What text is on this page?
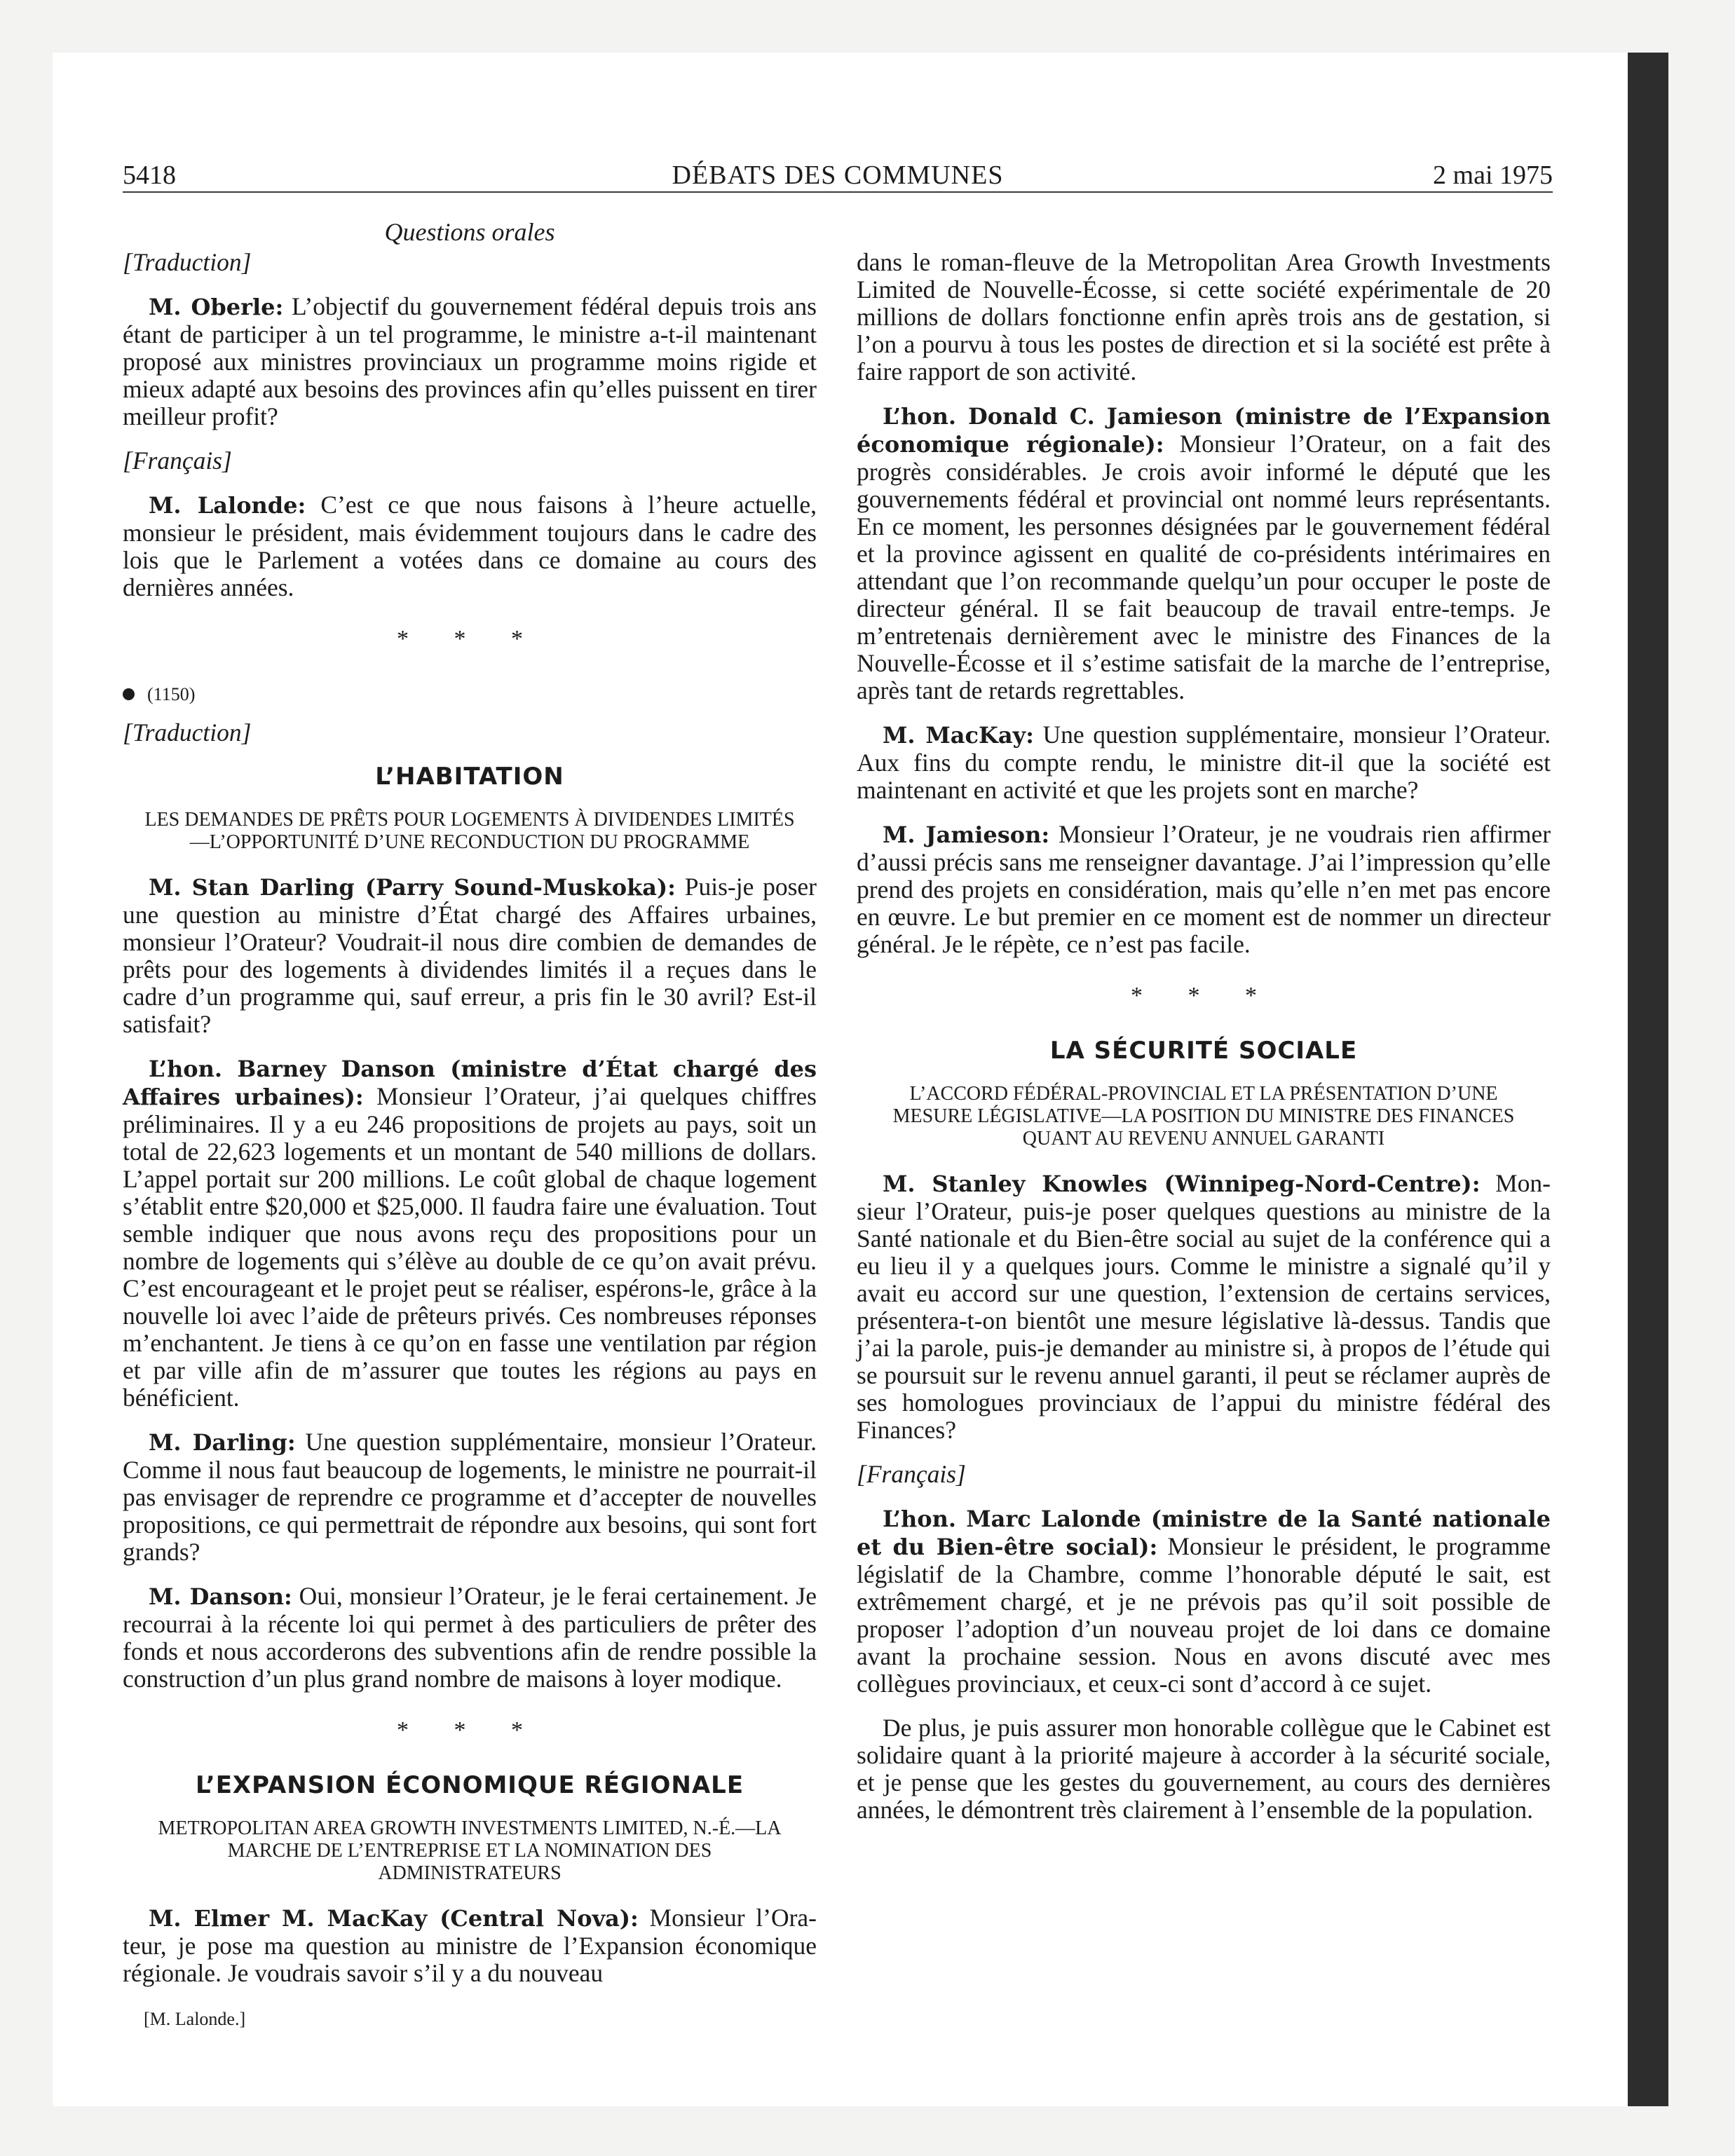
5418	DÉBATS DES COMMUNES	2 mai 1975
Questions orales

[Traduction]

M. Oberle: L’objectif du gouvernement fédéral depuis trois ans étant de participer à un tel programme, le ministre a-t-il maintenant proposé aux ministres provinciaux un programme moins rigide et mieux adapté aux besoins des provinces afin qu’elles puissent en tirer meilleur profit?

[Français]

M. Lalonde: C’est ce que nous faisons à l’heure actuelle, monsieur le président, mais évidemment toujours dans le cadre des lois que le Parlement a votées dans ce domaine au cours des dernières années.

* * *
(1150)

[Traduction]

L’HABITATION
LES DEMANDES DE PRÊTS POUR LOGEMENTS À DIVIDENDES LIMITÉS—L’OPPORTUNITÉ D’UNE RECONDUCTION DU PROGRAMME

M. Stan Darling (Parry Sound-Muskoka): Puis-je poser une question au ministre d’État chargé des Affaires urbaines, monsieur l’Orateur? Voudrait-il nous dire combien de demandes de prêts pour des logements à dividendes limités il a reçues dans le cadre d’un programme qui, sauf erreur, a pris fin le 30 avril? Est-il satisfait?

L’hon. Barney Danson (ministre d’État chargé des Affaires urbaines): Monsieur l’Orateur, j’ai quelques chiffres préliminaires. Il y a eu 246 propositions de projets au pays, soit un total de 22,623 logements et un montant de 540 millions de dollars. L’appel portait sur 200 millions. Le coût global de chaque logement s’établit entre $20,000 et $25,000. Il faudra faire une évaluation. Tout semble indiquer que nous avons reçu des propositions pour un nombre de logements qui s’élève au double de ce qu’on avait prévu. C’est encourageant et le projet peut se réaliser, espérons-le, grâce à la nouvelle loi avec l’aide de prêteurs privés. Ces nombreuses réponses m’enchantent. Je tiens à ce qu’on en fasse une ventilation par région et par ville afin de m’assurer que toutes les régions au pays en bénéficient.

M. Darling: Une question supplémentaire, monsieur l’Orateur. Comme il nous faut beaucoup de logements, le ministre ne pourrait-il pas envisager de reprendre ce programme et d’accepter de nouvelles propositions, ce qui permettrait de répondre aux besoins, qui sont fort grands?

M. Danson: Oui, monsieur l’Orateur, je le ferai certainement. Je recourrai à la récente loi qui permet à des particuliers de prêter des fonds et nous accorderons des subventions afin de rendre possible la construction d’un plus grand nombre de maisons à loyer modique.

* * *
L’EXPANSION ÉCONOMIQUE RÉGIONALE
METROPOLITAN AREA GROWTH INVESTMENTS LIMITED, N.-É.—LA MARCHE DE L’ENTREPRISE ET LA NOMINATION DES ADMINISTRATEURS

M. Elmer M. MacKay (Central Nova): Monsieur l’Orateur, je pose ma question au ministre de l’Expansion économique régionale. Je voudrais savoir s’il y a du nouveau

[M. Lalonde.]

dans le roman-fleuve de la Metropolitan Area Growth Investments Limited de Nouvelle-Écosse, si cette société expérimentale de 20 millions de dollars fonctionne enfin après trois ans de gestation, si l’on a pourvu à tous les postes de direction et si la société est prête à faire rapport de son activité.

L’hon. Donald C. Jamieson (ministre de l’Expansion économique régionale): Monsieur l’Orateur, on a fait des progrès considérables. Je crois avoir informé le député que les gouvernements fédéral et provincial ont nommé leurs représentants. En ce moment, les personnes désignées par le gouvernement fédéral et la province agissent en qualité de co-présidents intérimaires en attendant que l’on recommande quelqu’un pour occuper le poste de directeur général. Il se fait beaucoup de travail entre-temps. Je m’entretenais dernièrement avec le ministre des Finances de la Nouvelle-Écosse et il s’estime satisfait de la marche de l’entreprise, après tant de retards regrettables.

M. MacKay: Une question supplémentaire, monsieur l’Orateur. Aux fins du compte rendu, le ministre dit-il que la société est maintenant en activité et que les projets sont en marche?

M. Jamieson: Monsieur l’Orateur, je ne voudrais rien affirmer d’aussi précis sans me renseigner davantage. J’ai l’impression qu’elle prend des projets en considération, mais qu’elle n’en met pas encore en œuvre. Le but premier en ce moment est de nommer un directeur général. Je le répète, ce n’est pas facile.

* * *
LA SÉCURITÉ SOCIALE
L’ACCORD FÉDÉRAL-PROVINCIAL ET LA PRÉSENTATION D’UNE MESURE LÉGISLATIVE—LA POSITION DU MINISTRE DES FINANCES QUANT AU REVENU ANNUEL GARANTI

M. Stanley Knowles (Winnipeg-Nord-Centre): Monsieur l’Orateur, puis-je poser quelques questions au ministre de la Santé nationale et du Bien-être social au sujet de la conférence qui a eu lieu il y a quelques jours. Comme le ministre a signalé qu’il y avait eu accord sur une question, l’extension de certains services, présentera-t-on bientôt une mesure législative là-dessus. Tandis que j’ai la parole, puis-je demander au ministre si, à propos de l’étude qui se poursuit sur le revenu annuel garanti, il peut se réclamer auprès de ses homologues provinciaux de l’appui du ministre fédéral des Finances?

[Français]

L’hon. Marc Lalonde (ministre de la Santé nationale et du Bien-être social): Monsieur le président, le programme législatif de la Chambre, comme l’honorable député le sait, est extrêmement chargé, et je ne prévois pas qu’il soit possible de proposer l’adoption d’un nouveau projet de loi dans ce domaine avant la prochaine session. Nous en avons discuté avec mes collègues provinciaux, et ceux-ci sont d’accord à ce sujet.

De plus, je puis assurer mon honorable collègue que le Cabinet est solidaire quant à la priorité majeure à accorder à la sécurité sociale, et je pense que les gestes du gouvernement, au cours des dernières années, le démontrent très clairement à l’ensemble de la population.
